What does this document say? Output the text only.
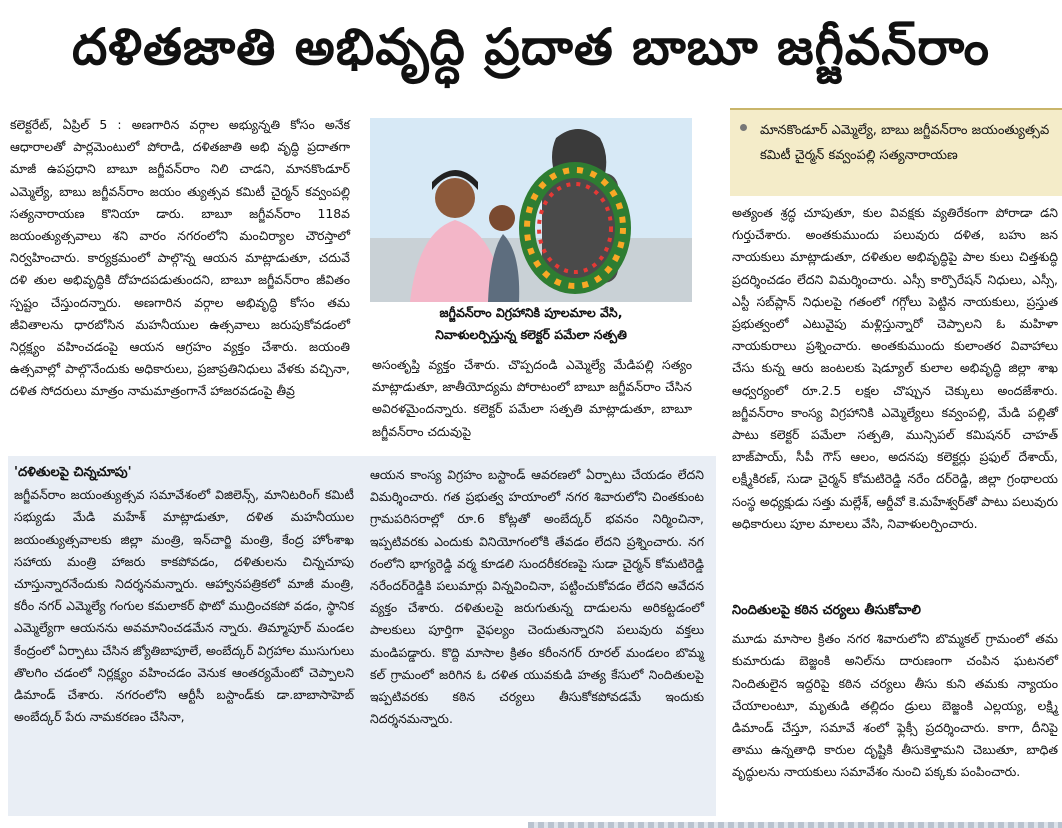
దళితజాతి అభివృద్ధి ప్రదాత బాబూ జగ్జీవన్‌రాం

కలెక్టరేట్, ఏప్రిల్ 5 : అణగారిన వర్గాల అభ్యున్నతి కోసం అనేక ఆధారాలతో పార్లమెంటులో పోరాడి, దళితజాతి అభి వృద్ధి ప్రదాతగా మాజీ ఉపప్రధాని బాబూ జగ్జీవన్‌రాం నిలి చాడని, మానకొండూర్ ఎమ్మెల్యే, బాబు జగ్జీవన్‌రాం జయం త్యుత్సవ కమిటీ చైర్మన్ కవ్వంపల్లి సత్యనారాయణ కొనియా డారు. బాబూ జగ్జీవన్‌రాం 118వ జయంత్యుత్సవాలు శని వారం నగరంలోని మంచిర్యాల చౌరస్తాలో నిర్వహించారు. కార్యక్రమంలో పాల్గొన్న ఆయన మాట్లాడుతూ, చదువే దళి తుల అభివృద్ధికి దోహదపడుతుందని, బాబూ జగ్జీవన్‌రాం జీవితం స్పష్టం చేస్తుందన్నారు. అణగారిన వర్గాల అభివృద్ధి కోసం తమ జీవితాలను ధారబోసిన మహనీయుల ఉత్సవాలు జరుపుకోవడంలో నిర్లక్ష్యం వహించడంపై ఆయన ఆగ్రహం వ్యక్తం చేశారు. జయంతి ఉత్సవాల్లో పాల్గొనేందుకు అధికారులు, ప్రజాప్రతినిధులు వేళకు వచ్చినా, దళిత సోదరులు మాత్రం నామమాత్రంగానే హాజరవడంపై తీవ్ర

జగ్జీవన్‌రాం విగ్రహానికి పూలమాల వేసి,
నివాళులర్పిస్తున్న కలెక్టర్ పమేలా సత్పతి

అసంతృప్తి వ్యక్తం చేశారు. చొప్పదండి ఎమ్మెల్యే మేడిపల్లి సత్యం మాట్లాడుతూ, జాతీయోద్యమ పోరాటంలో బాబూ జగ్జీవన్‌రాం చేసిన అవిరళమైందన్నారు. కలెక్టర్ పమేలా సత్పతి మాట్లాడుతూ, బాబూ జగ్జీవన్‌రాం చదువుపై

మానకొండూర్ ఎమ్మెల్యే, బాబు జగ్జీవన్‌రాం జయంత్యుత్సవ కమిటీ చైర్మన్ కవ్వంపల్లి సత్యనారాయణ

అత్యంత శ్రద్ధ చూపుతూ, కుల వివక్షకు వ్యతిరేకంగా పోరాడా డని గుర్తుచేశారు. అంతకుముందు పలువురు దళిత, బహు జన నాయకులు మాట్లాడుతూ, దళితుల అభివృద్ధిపై పాల కులు చిత్తశుద్ధి ప్రదర్శించడం లేదని విమర్శించారు. ఎస్సీ కార్పొరేషన్ నిధులు, ఎస్సీ, ఎస్టీ సబ్‌ప్లాన్ నిధులపై గతంలో గగ్గోలు పెట్టిన నాయకులు, ప్రస్తుత ప్రభుత్వంలో ఎటువైపు మళ్లిస్తున్నారో చెప్పాలని ఓ మహిళా నాయకురాలు ప్రశ్నించారు. అంతకుముందు కులాంతర వివాహాలు చేసు కున్న ఆరు జంటలకు షెడ్యూల్ కులాల అభివృద్ధి జిల్లా శాఖ ఆధ్వర్యంలో రూ.2.5 లక్షల చొప్పున చెక్కులు అందజేశారు. జగ్జీవన్‌రాం కాంస్య విగ్రహానికి ఎమ్మెల్యేలు కవ్వంపల్లి, మేడి పల్లితో పాటు కలెక్టర్ పమేలా సత్పతి, మున్సిపల్ కమిషనర్ చాహత్ బాజ్‌పాయ్, సీపీ గౌస్ ఆలం, అదనపు కలెక్టర్లు ప్రఫుల్ దేశాయ్, లక్ష్మీకిరణ్, సుడా చైర్మన్ కోమటిరెడ్డి నరేం దర్‌రెడ్డి, జిల్లా గ్రంథాలయ సంస్థ అధ్యక్షుడు సత్తు మల్లేశ్, ఆర్డీవో కె.మహేశ్వర్‌తో పాటు పలువురు అధికారులు పూల మాలలు వేసి, నివాళులర్పించారు.

'దళితులపై చిన్నచూపు'

జగ్జీవన్‌రాం జయంత్యుత్సవ సమావేశంలో విజిలెన్స్, మానిటరింగ్ కమిటీ సభ్యుడు మేడి మహేశ్ మాట్లాడుతూ, దళిత మహనీయుల జయంత్యుత్సవాలకు జిల్లా మంత్రి, ఇన్‌చార్జి మంత్రి, కేంద్ర హోంశాఖ సహాయ మంత్రి హాజరు కాకపోవడం, దళితులను చిన్నచూపు చూస్తున్నారనేందుకు నిదర్శనమన్నారు. ఆహ్వానపత్రికలో మాజీ మంత్రి, కరీం నగర్ ఎమ్మెల్యే గంగుల కమలాకర్ ఫొటో ముద్రించకపో వడం, స్థానిక ఎమ్మెల్యేగా ఆయనను అవమానించడమేన న్నారు. తిమ్మాపూర్ మండల కేంద్రంలో ఏర్పాటు చేసిన జ్యోతిబాపూలే, అంబేద్కర్ విగ్రహాల ముసుగులు తొలగిం చడంలో నిర్లక్ష్యం వహించడం వెనుక ఆంతర్యమేంటో చెప్పాలని డిమాండ్ చేశారు. నగరంలోని ఆర్టీసీ బస్టాండ్‌కు డా.బాబాసాహెబ్ అంబేద్కర్ పేరు నామకరణం చేసినా,

ఆయన కాంస్య విగ్రహం బస్టాండ్ ఆవరణలో ఏర్పాటు చేయడం లేదని విమర్శించారు. గత ప్రభుత్వ హయాంలో నగర శివారులోని చింతకుంట గ్రామపరిసరాల్లో రూ.6 కోట్లతో అంబేద్కర్ భవనం నిర్మించినా, ఇప్పటివరకు ఎందుకు వినియోగంలోకి తేవడం లేదని ప్రశ్నించారు. నగ రంలోని భాగ్యరెడ్డి వర్మ కూడలి సుందరీకరణపై సుడా చైర్మన్ కోమటిరెడ్డి నరేందర్‌రెడ్డికి పలుమార్లు విన్నవించినా, పట్టించుకోవడం లేదని ఆవేదన వ్యక్తం చేశారు. దళితులపై జరుగుతున్న దాడులను అరికట్టడంలో పాలకులు పూర్తిగా వైఫల్యం చెందుతున్నారని పలువురు వక్తలు మండిపడ్డారు. కొద్ది మాసాల క్రితం కరీంనగర్ రూరల్ మండలం బొమ్మ కల్ గ్రామంలో జరిగిన ఓ దళిత యువకుడి హత్య కేసులో నిందితులపై ఇప్పటివరకు కఠిన చర్యలు తీసుకోకపోవడమే ఇందుకు నిదర్శనమన్నారు.

నిందితులపై కఠిన చర్యలు తీసుకోవాలి

మూడు మాసాల క్రితం నగర శివారులోని బొమ్మకల్ గ్రామంలో తమ కుమారుడు బెజ్జంకి అనిల్‌ను దారుణంగా చంపిన ఘటనలో నిందితులైన ఇద్దరిపై కఠిన చర్యలు తీసు కుని తమకు న్యాయం చేయాలంటూ, మృతుడి తల్లిదం డ్రులు బెజ్జంకి ఎల్లయ్య, లక్ష్మి డిమాండ్ చేస్తూ, సమావే శంలో ఫ్లెక్సీ ప్రదర్శించారు. కాగా, దీనిపై తాము ఉన్నతాధి కారుల దృష్టికి తీసుకెళ్తామని చెబుతూ, బాధిత వృద్ధులను నాయకులు సమావేశం నుంచి పక్కకు పంపించారు.
